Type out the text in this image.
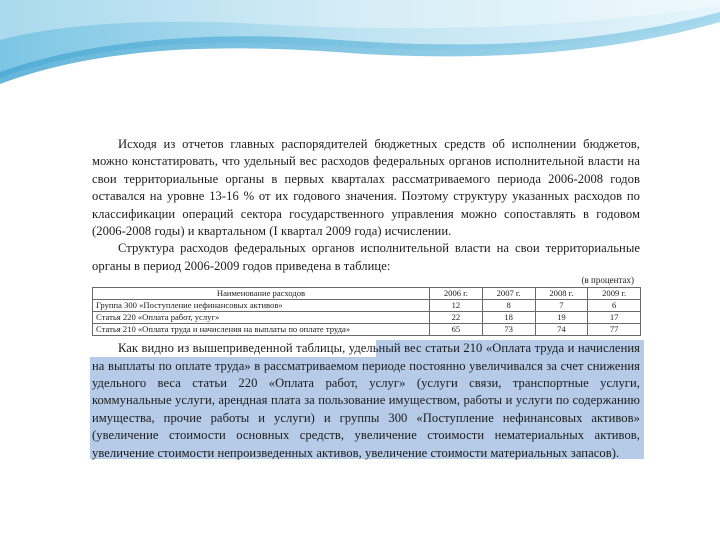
Исходя из отчетов главных распорядителей бюджетных средств об исполнении бюджетов, можно констатировать, что удельный вес расходов федеральных органов исполнительной власти на свои территориальные органы в первых кварталах рассматриваемого периода 2006-2008 годов оставался на уровне 13-16 % от их годового значения. Поэтому структуру указанных расходов по классификации операций сектора государственного управления можно сопоставлять в годовом (2006-2008 годы) и квартальном (I квартал 2009 года) исчислении.

Структура расходов федеральных органов исполнительной власти на свои территориальные органы в период 2006-2009 годов приведена в таблице:

(в процентах)

Наименование расходов	2006 г.	2007 г.	2008 г.	2009 г.
Группа 300 «Поступление нефинансовых активов»	12	8	7	6
Статья 220 «Оплата работ, услуг»	22	18	19	17
Статья 210 «Оплата труда и начисления на выплаты по оплате труда»	65	73	74	77

Как видно из вышеприведенной таблицы, удельный вес статьи 210 «Оплата труда и начисления на выплаты по оплате труда» в рассматриваемом периоде постоянно увеличивался за счет снижения удельного веса статьи 220 «Оплата работ, услуг» (услуги связи, транспортные услуги, коммунальные услуги, арендная плата за пользование имуществом, работы и услуги по содержанию имущества, прочие работы и услуги) и группы 300 «Поступление нефинансовых активов» (увеличение стоимости основных средств, увеличение стоимости нематериальных активов, увеличение стоимости непроизведенных активов, увеличение стоимости материальных запасов).
